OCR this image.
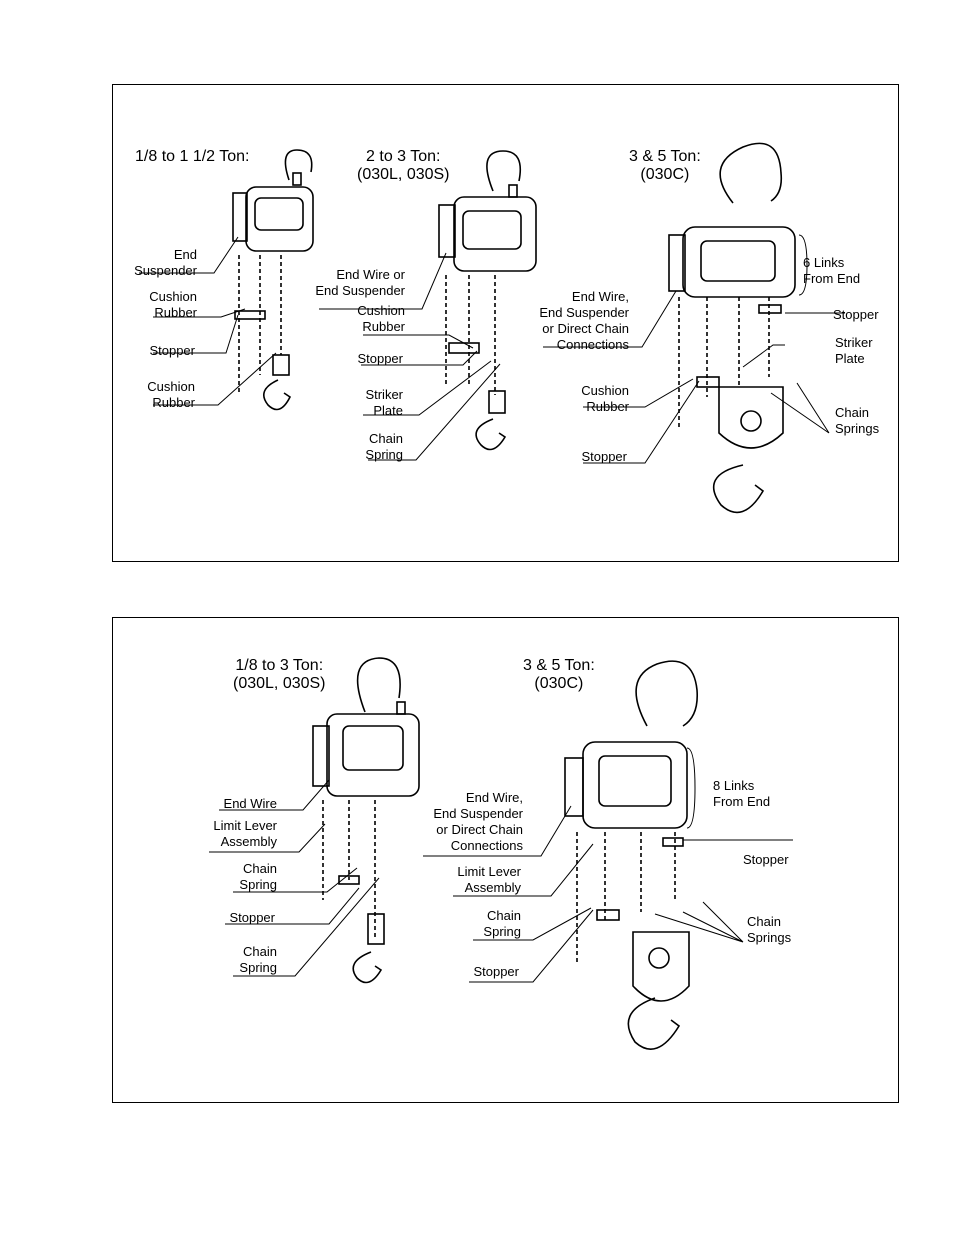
1/8 to 1 1/2 Ton:
End
Suspender
Cushion
Rubber
Stopper
Cushion
Rubber
2 to 3 Ton:
(030L, 030S)
End Wire or
End Suspender
Cushion
Rubber
Stopper
Striker
Plate
Chain
Spring
3 & 5 Ton:
(030C)
End Wire,
End Suspender
or Direct Chain
Connections
6 Links
From End
Stopper
Striker
Plate
Cushion
Rubber	Chain
Springs
Stopper
1/8 to 3 Ton:
(030L, 030S)
End Wire
Limit Lever
Assembly
Chain
Spring
Stopper
Chain
Spring
3 & 5 Ton:
(030C)
End Wire,
End Suspender
or Direct Chain
Connections
8 Links
From End
Stopper
Limit Lever
Assembly
Chain
Spring
Chain
Springs
Stopper
